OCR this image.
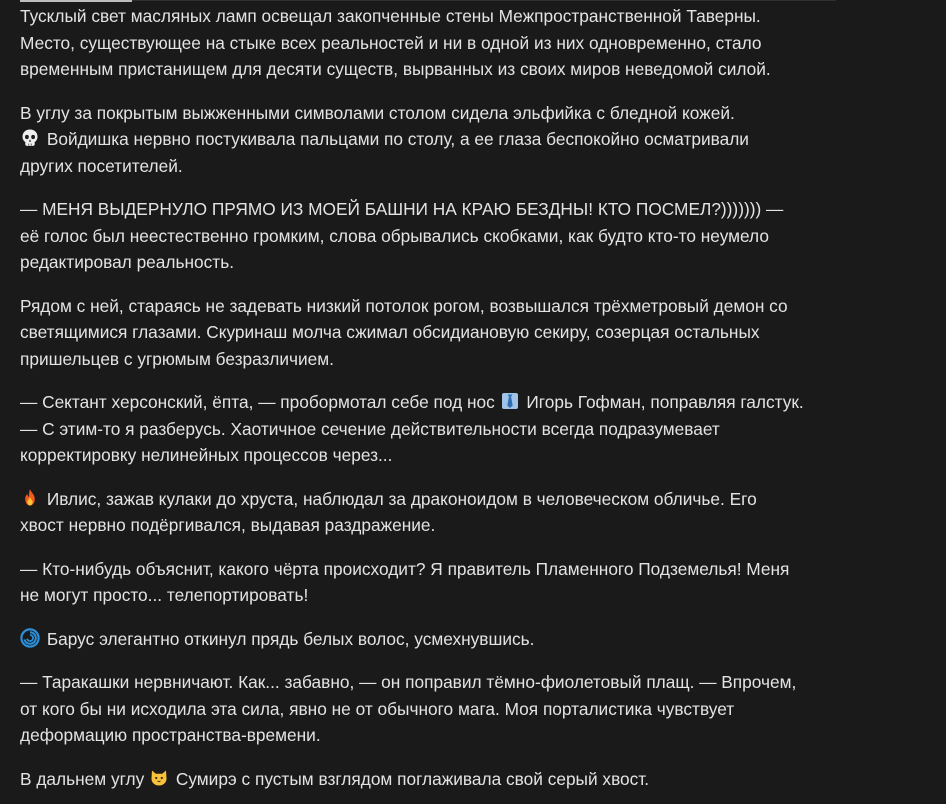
Тусклый свет масляных ламп освещал закопченные стены Межпространственной Таверны.
Место, существующее на стыке всех реальностей и ни в одной из них одновременно, стало
временным пристанищем для десяти существ, вырванных из своих миров неведомой силой.

В углу за покрытым выжженными символами столом сидела эльфийка с бледной кожей.
Войдишка нервно постукивала пальцами по столу, а ее глаза беспокойно осматривали
других посетителей.

— МЕНЯ ВЫДЕРНУЛО ПРЯМО ИЗ МОЕЙ БАШНИ НА КРАЮ БЕЗДНЫ! КТО ПОСМЕЛ?))))))) —
её голос был неестественно громким, слова обрывались скобками, как будто кто-то неумело
редактировал реальность.

Рядом с ней, стараясь не задевать низкий потолок рогом, возвышался трёхметровый демон со
светящимися глазами. Скуринаш молча сжимал обсидиановую секиру, созерцая остальных
пришельцев с угрюмым безразличием.

— Сектант херсонский, ёпта, — пробормотал себе под нос Игорь Гофман, поправляя галстук.
— С этим-то я разберусь. Хаотичное сечение действительности всегда подразумевает
корректировку нелинейных процессов через...

Ивлис, зажав кулаки до хруста, наблюдал за драконоидом в человеческом обличье. Его
хвост нервно подёргивался, выдавая раздражение.

— Кто-нибудь объяснит, какого чёрта происходит? Я правитель Пламенного Подземелья! Меня
не могут просто... телепортировать!

Барус элегантно откинул прядь белых волос, усмехнувшись.

— Таракашки нервничают. Как... забавно, — он поправил тёмно-фиолетовый плащ. — Впрочем,
от кого бы ни исходила эта сила, явно не от обычного мага. Моя порталистика чувствует
деформацию пространства-времени.

В дальнем углу Сумирэ с пустым взглядом поглаживала свой серый хвост.
